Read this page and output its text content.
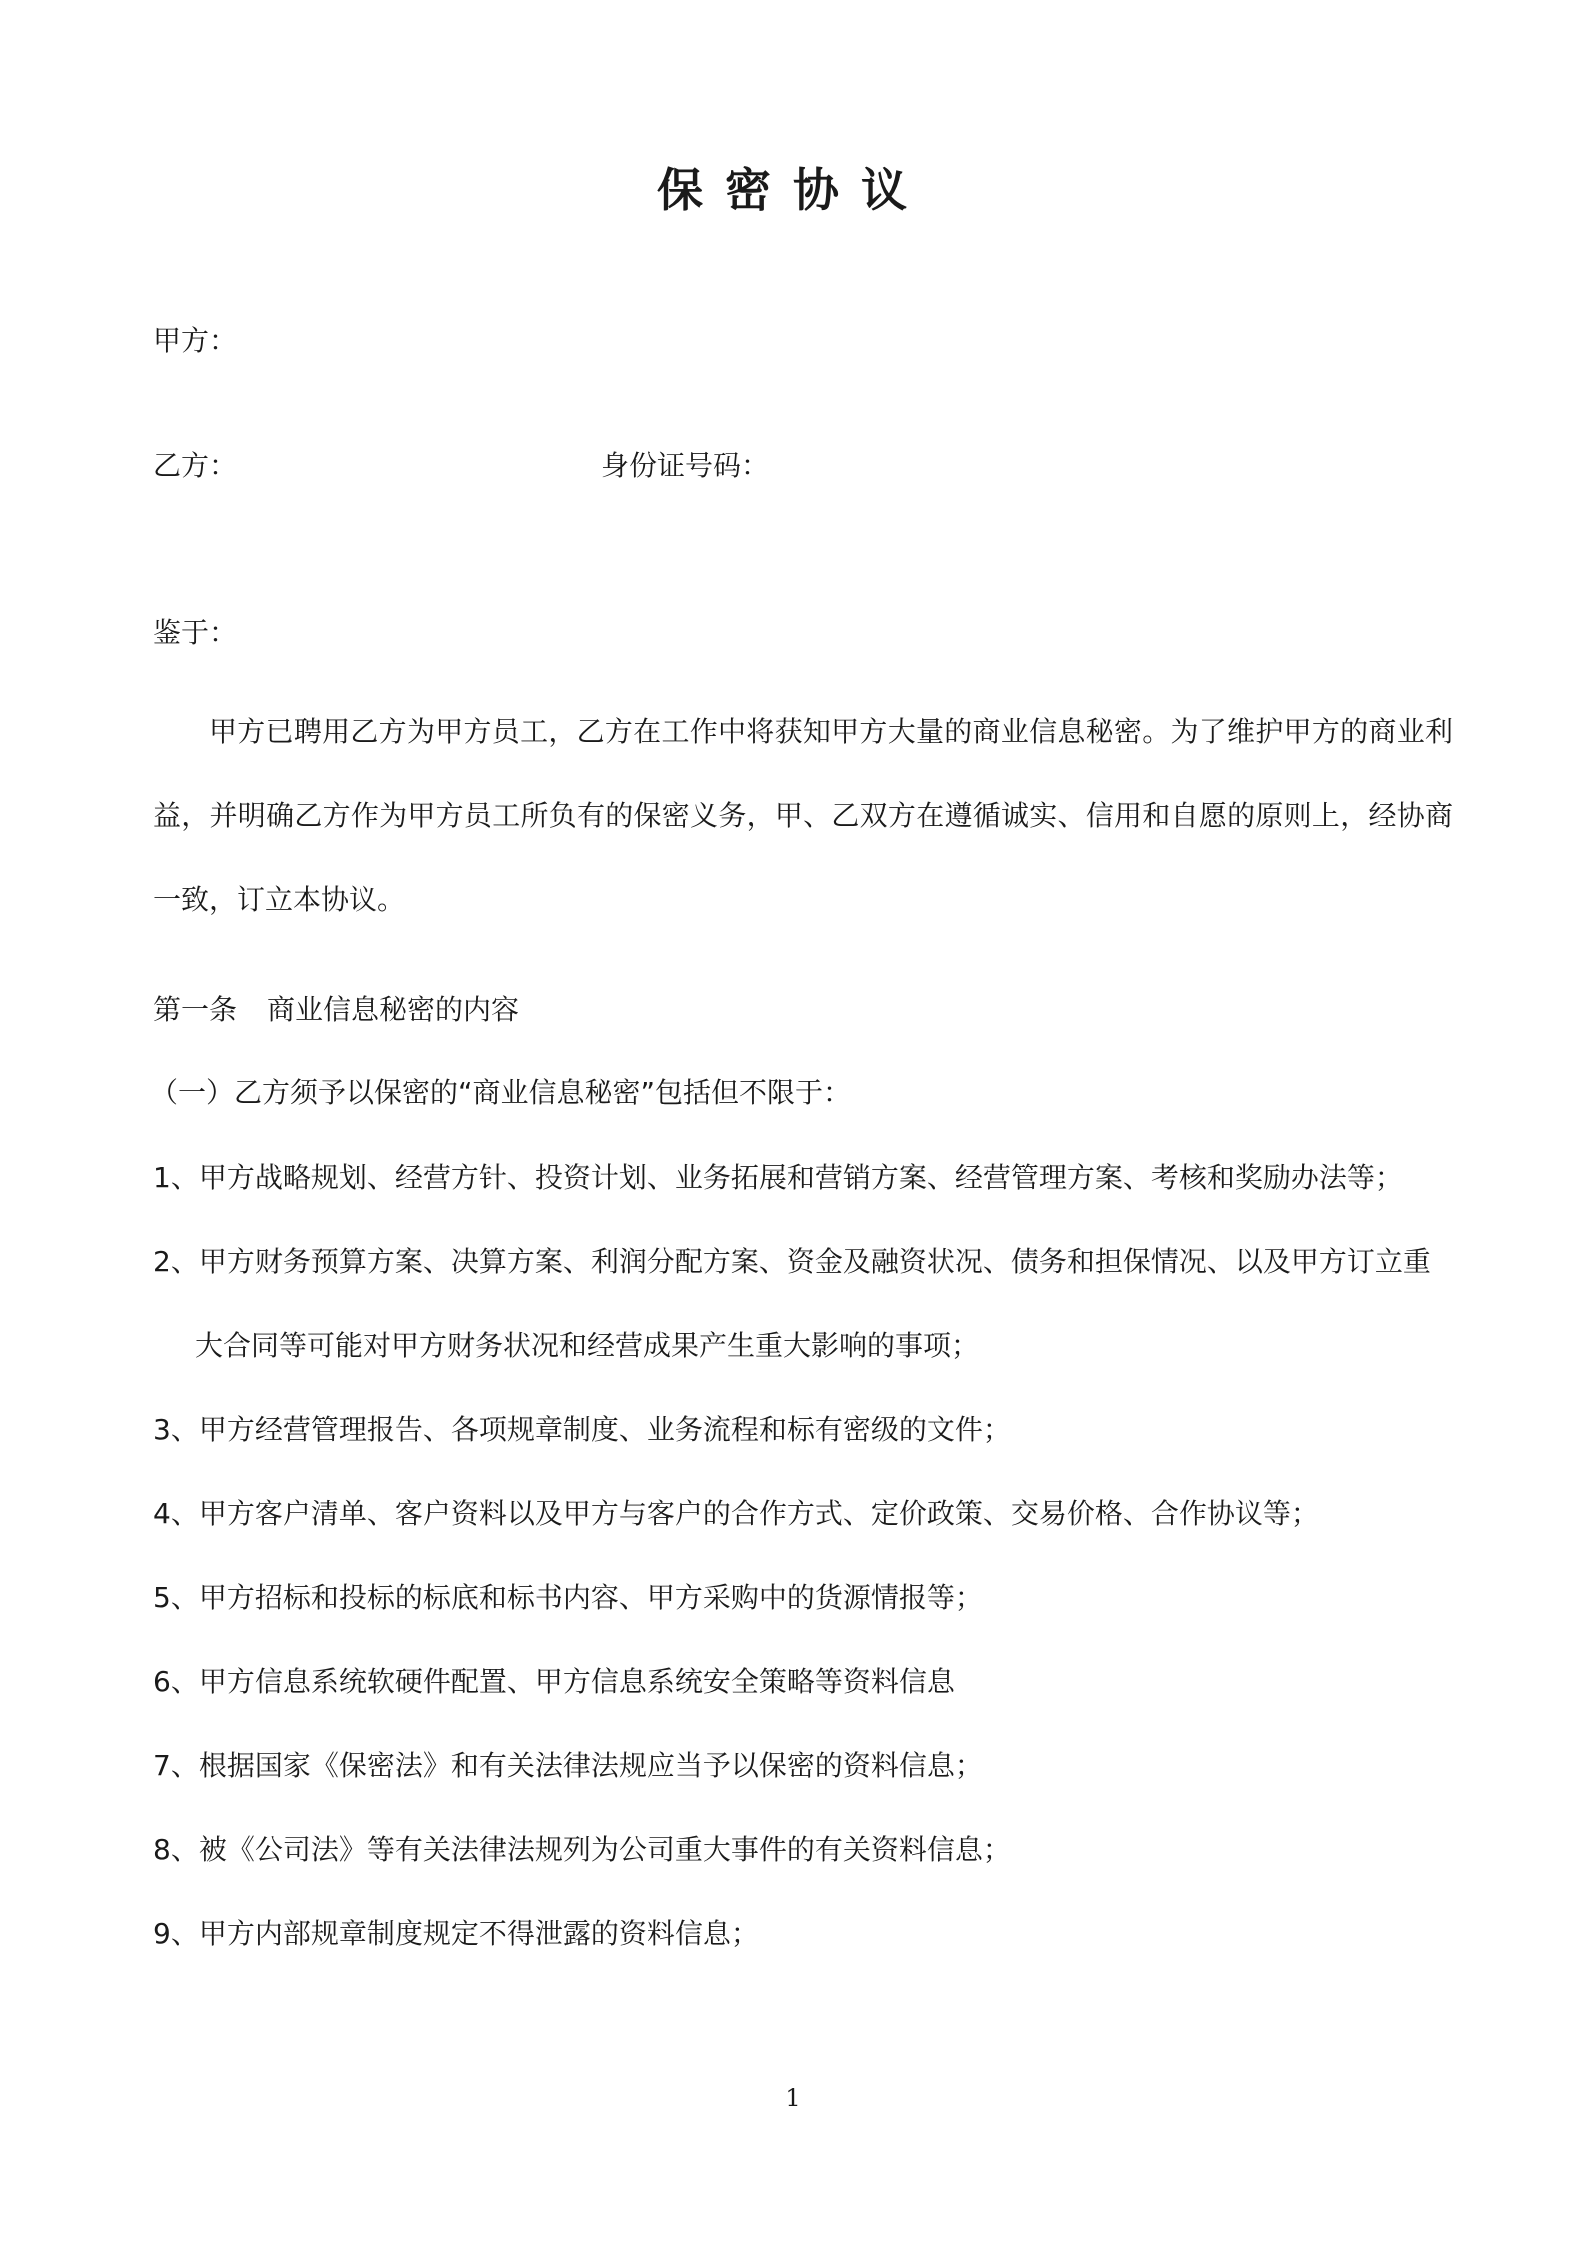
保密协议
甲方：
乙方：	身份证号码：
鉴于：
甲方已聘用乙方为甲方员工，乙方在工作中将获知甲方大量的商业信息秘密。为了维护甲方的商业利益，并明确乙方作为甲方员工所负有的保密义务，甲、乙双方在遵循诚实、信用和自愿的原则上，经协商一致，订立本协议。
第一条 商业信息秘密的内容
（一）乙方须予以保密的“商业信息秘密”包括但不限于：
1、甲方战略规划、经营方针、投资计划、业务拓展和营销方案、经营管理方案、考核和奖励办法等；
2、甲方财务预算方案、决算方案、利润分配方案、资金及融资状况、债务和担保情况、以及甲方订立重
大合同等可能对甲方财务状况和经营成果产生重大影响的事项；
3、甲方经营管理报告、各项规章制度、业务流程和标有密级的文件；
4、甲方客户清单、客户资料以及甲方与客户的合作方式、定价政策、交易价格、合作协议等；
5、甲方招标和投标的标底和标书内容、甲方采购中的货源情报等；
6、甲方信息系统软硬件配置、甲方信息系统安全策略等资料信息
7、根据国家《保密法》和有关法律法规应当予以保密的资料信息；
8、被《公司法》等有关法律法规列为公司重大事件的有关资料信息；
9、甲方内部规章制度规定不得泄露的资料信息；
1
